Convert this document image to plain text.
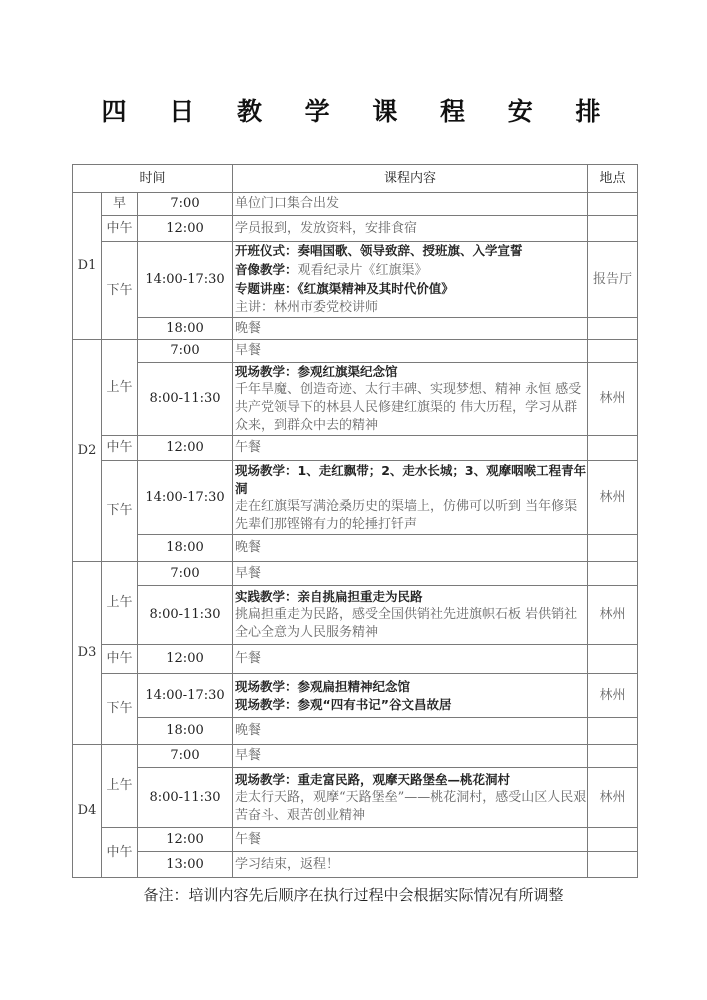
四 日 教 学 课 程 安 排
时间			课程内容	地点
D1	早	7:00	单位门口集合出发	
	中午	12:00	学员报到，发放资料，安排食宿	
	下午	14:00-17:30	开班仪式：奏唱国歌、领导致辞、授班旗、入学宣誓
音像教学：观看纪录片《红旗渠》
专题讲座：《红旗渠精神及其时代价值》
主讲：林州市委党校讲师	报告厅
		18:00	晚餐	
D2	上午	7:00	早餐	
		8:00-11:30	现场教学：参观红旗渠纪念馆
千年旱魔、创造奇迹、太行丰碑、实现梦想、精神 永恒 感受共产党领导下的林县人民修建红旗渠的 伟大历程，学习从群众来，到群众中去的精神	林州
	中午	12:00	午餐	
	下午	14:00-17:30	现场教学：1、走红飘带；2、走水长城；3、观摩咽喉工程青年洞
走在红旗渠写满沧桑历史的渠墙上，仿佛可以听到 当年修渠先辈们那铿锵有力的轮捶打钎声	林州
		18:00	晚餐	
D3	上午	7:00	早餐	
		8:00-11:30	实践教学：亲自挑扁担重走为民路
挑扁担重走为民路，感受全国供销社先进旗帜石板 岩供销社全心全意为人民服务精神	林州
	中午	12:00	午餐	
	下午	14:00-17:30	现场教学：参观扁担精神纪念馆
现场教学：参观“四有书记”谷文昌故居	林州
		18:00	晚餐	
D4	上午	7:00	早餐	
		8:00-11:30	现场教学：重走富民路，观摩天路堡垒—桃花洞村
走太行天路，观摩“天路堡垒”——桃花洞村，感受山区人民艰苦奋斗、艰苦创业精神	林州
	中午	12:00	午餐	
		13:00	学习结束，返程！	
备注：培训内容先后顺序在执行过程中会根据实际情况有所调整
